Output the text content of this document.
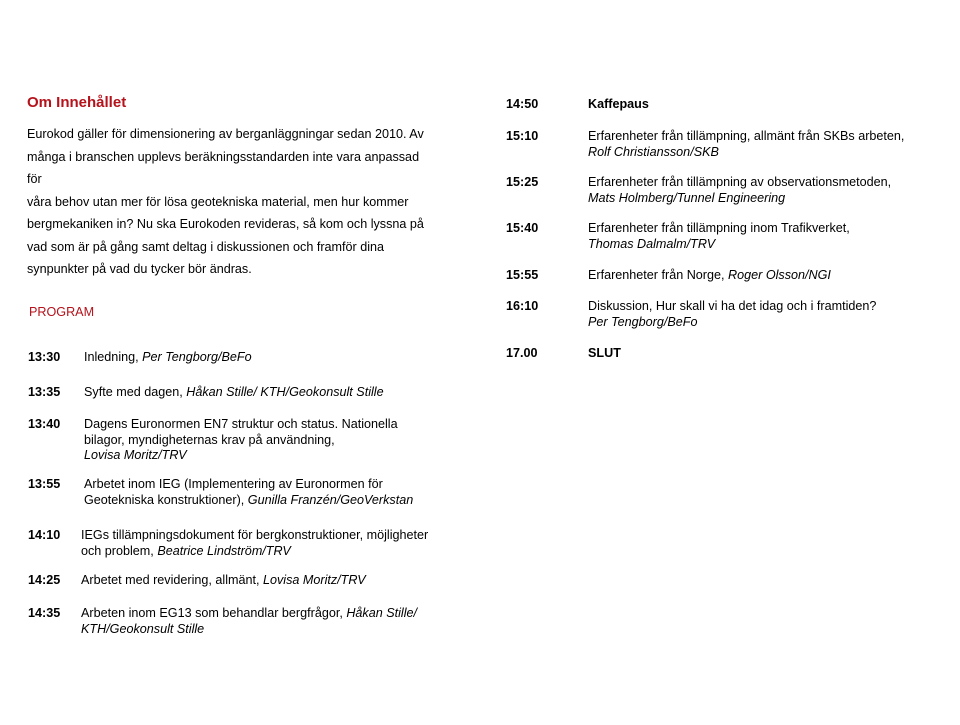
Om Innehållet
Eurokod gäller för dimensionering av berganläggningar sedan 2010. Av
många i branschen upplevs beräkningsstandarden inte vara anpassad för
våra behov utan mer för lösa geotekniska material, men hur kommer
bergmekaniken in? Nu ska Eurokoden revideras, så kom och lyssna på
vad som är på gång samt deltag i diskussionen och framför dina
synpunkter på vad du tycker bör ändras.
PROGRAM
13:30 Inledning, Per Tengborg/BeFo
13:35 Syfte med dagen, Håkan Stille/ KTH/Geokonsult Stille
13:40 Dagens Euronormen EN7 struktur och status. Nationella
bilagor, myndigheternas krav på användning,
Lovisa Moritz/TRV
13:55 Arbetet inom IEG (Implementering av Euronormen för
Geotekniska konstruktioner), Gunilla Franzén/GeoVerkstan
14:10 IEGs tillämpningsdokument för bergkonstruktioner, möjligheter
och problem, Beatrice Lindström/TRV
14:25 Arbetet med revidering, allmänt, Lovisa Moritz/TRV
14:35 Arbeten inom EG13 som behandlar bergfrågor, Håkan Stille/
KTH/Geokonsult Stille
14:50	Kaffepaus
15:10	Erfarenheter från tillämpning, allmänt från SKBs arbeten,
Rolf Christiansson/SKB
15:25	Erfarenheter från tillämpning av observationsmetoden,
Mats Holmberg/Tunnel Engineering
15:40	Erfarenheter från tillämpning inom Trafikverket,
Thomas Dalmalm/TRV
15:55	Erfarenheter från Norge, Roger Olsson/NGI
16:10	Diskussion, Hur skall vi ha det idag och i framtiden?
Per Tengborg/BeFo
17.00	SLUT
